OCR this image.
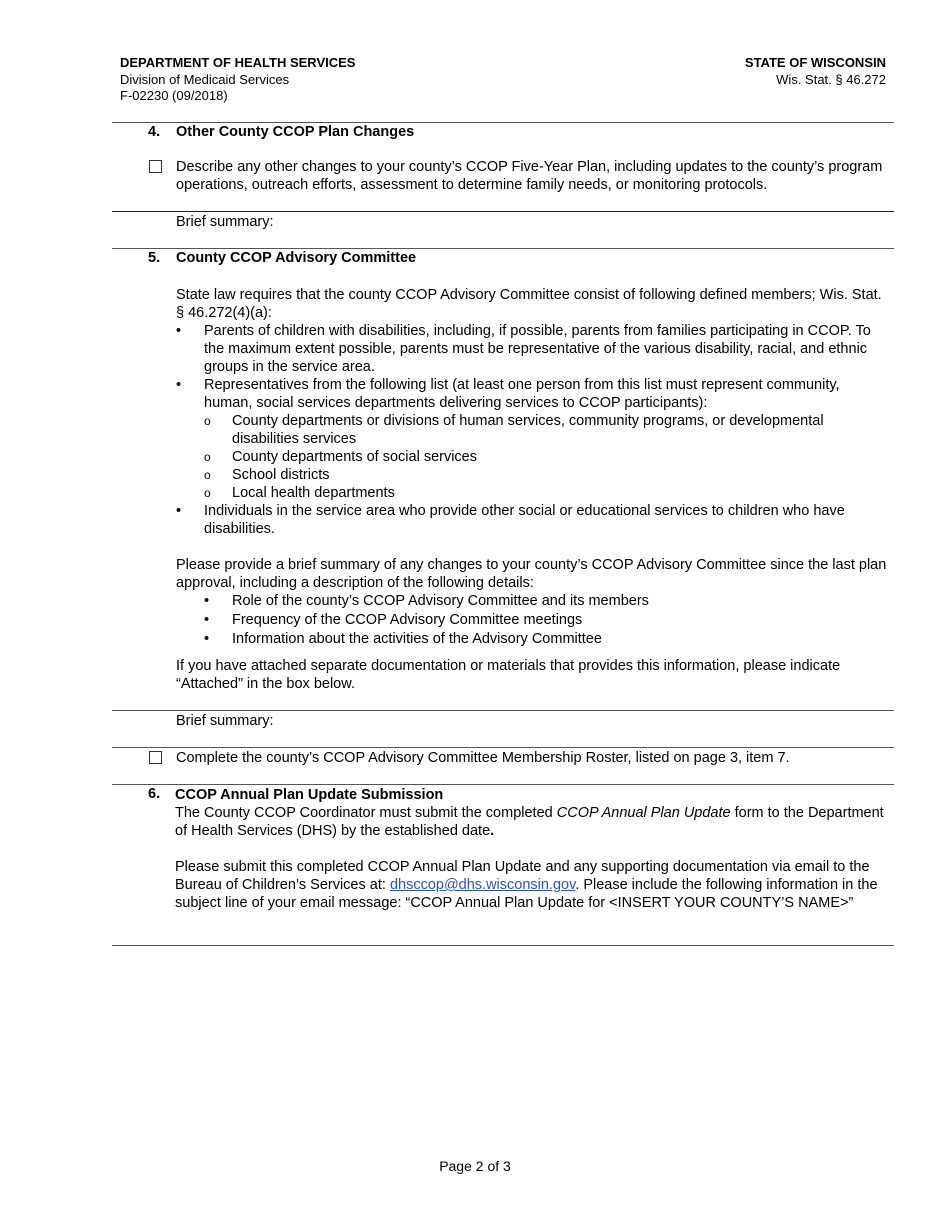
DEPARTMENT OF HEALTH SERVICES
Division of Medicaid Services
F-02230 (09/2018)
STATE OF WISCONSIN
Wis. Stat. § 46.272
4. Other County CCOP Plan Changes
Describe any other changes to your county’s CCOP Five-Year Plan, including updates to the county’s program operations, outreach efforts, assessment to determine family needs, or monitoring protocols.
Brief summary:
5. County CCOP Advisory Committee
State law requires that the county CCOP Advisory Committee consist of following defined members; Wis. Stat. § 46.272(4)(a):
• Parents of children with disabilities, including, if possible, parents from families participating in CCOP. To the maximum extent possible, parents must be representative of the various disability, racial, and ethnic groups in the service area.
• Representatives from the following list (at least one person from this list must represent community, human, social services departments delivering services to CCOP participants):
o County departments or divisions of human services, community programs, or developmental disabilities services
o County departments of social services
o School districts
o Local health departments
• Individuals in the service area who provide other social or educational services to children who have disabilities.
Please provide a brief summary of any changes to your county’s CCOP Advisory Committee since the last plan approval, including a description of the following details:
• Role of the county’s CCOP Advisory Committee and its members
• Frequency of the CCOP Advisory Committee meetings
• Information about the activities of the Advisory Committee
If you have attached separate documentation or materials that provides this information, please indicate “Attached” in the box below.
Brief summary:
Complete the county’s CCOP Advisory Committee Membership Roster, listed on page 3, item 7.
6. CCOP Annual Plan Update Submission
The County CCOP Coordinator must submit the completed CCOP Annual Plan Update form to the Department of Health Services (DHS) by the established date.
Please submit this completed CCOP Annual Plan Update and any supporting documentation via email to the Bureau of Children’s Services at: dhsccop@dhs.wisconsin.gov. Please include the following information in the subject line of your email message: “CCOP Annual Plan Update for <INSERT YOUR COUNTY’S NAME>”
Page 2 of 3
